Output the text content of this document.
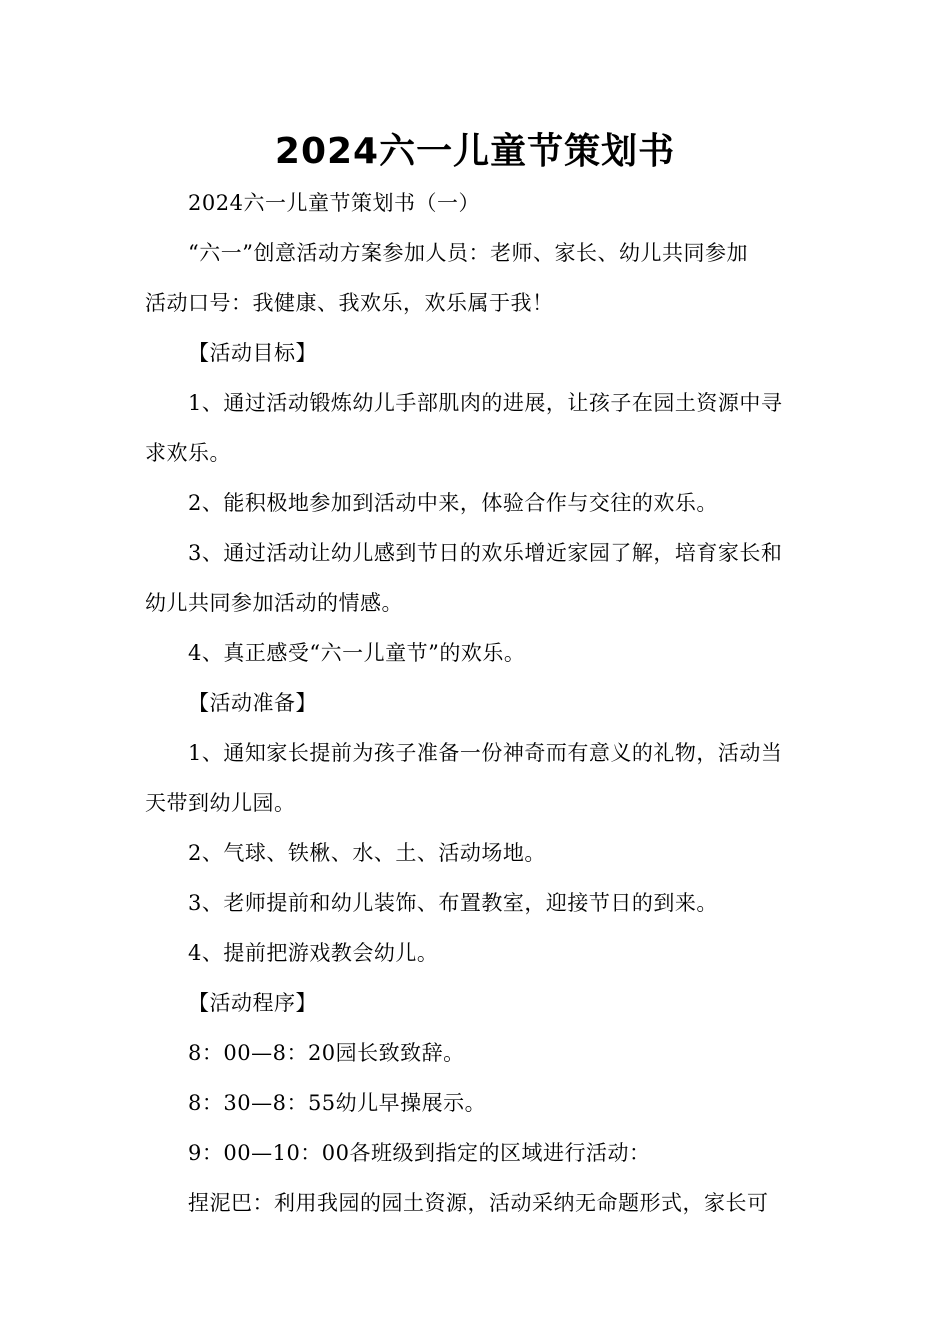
2024六一儿童节策划书
2024六一儿童节策划书（一）
“六一”创意活动方案参加人员：老师、家长、幼儿共同参加
活动口号：我健康、我欢乐，欢乐属于我！
【活动目标】
1、通过活动锻炼幼儿手部肌肉的进展，让孩子在园土资源中寻
求欢乐。
2、能积极地参加到活动中来，体验合作与交往的欢乐。
3、通过活动让幼儿感到节日的欢乐增近家园了解，培育家长和
幼儿共同参加活动的情感。
4、真正感受“六一儿童节”的欢乐。
【活动准备】
1、通知家长提前为孩子准备一份神奇而有意义的礼物，活动当
天带到幼儿园。
2、气球、铁楸、水、土、活动场地。
3、老师提前和幼儿装饰、布置教室，迎接节日的到来。
4、提前把游戏教会幼儿。
【活动程序】
8：00—8：20园长致致辞。
8：30—8：55幼儿早操展示。
9：00—10：00各班级到指定的区域进行活动：
捏泥巴：利用我园的园土资源，活动采纳无命题形式，家长可
